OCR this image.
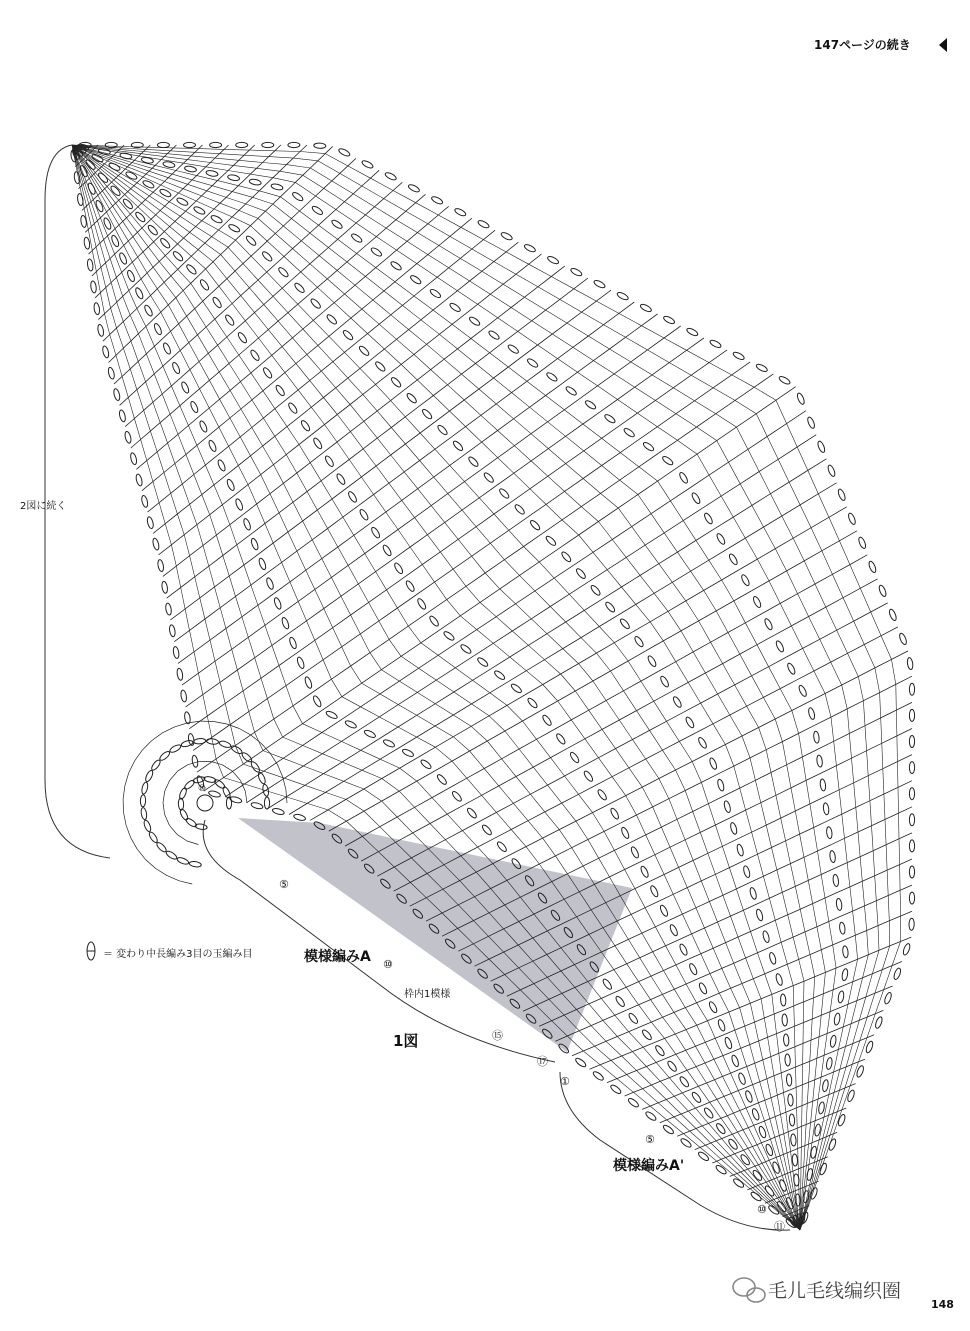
147ページの続き
2図に続く
＝ 変わり中長編み3目の玉編み目	模様編みA
枠内1模様
1図
模様編みA'
⑩
⑤
⑩
⑮
⑰
①
⑤
⑩
⑪
毛儿毛线编织圈
148
